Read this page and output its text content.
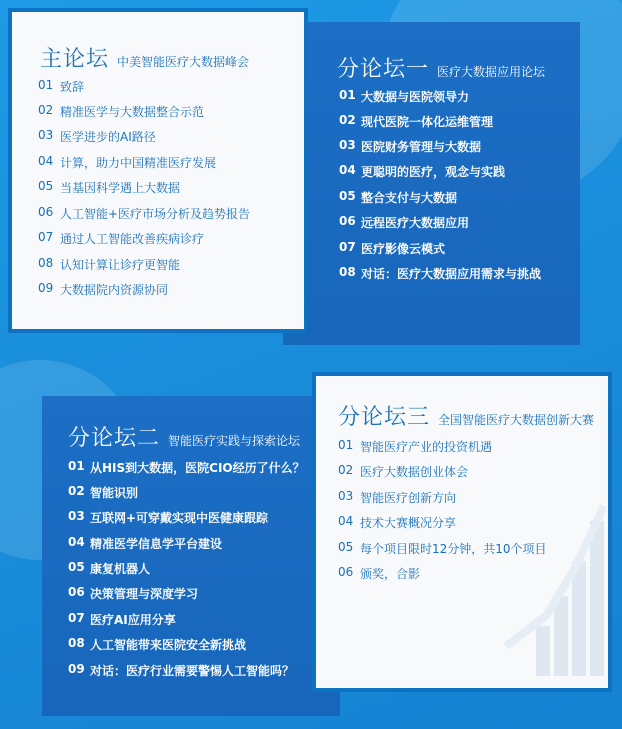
主论坛 中美智能医疗大数据峰会
01 致辞
02 精准医学与大数据整合示范
03 医学进步的AI路径
04 计算，助力中国精准医疗发展
05 当基因科学遇上大数据
06 人工智能+医疗市场分析及趋势报告
07 通过人工智能改善疾病诊疗
08 认知计算让诊疗更智能
09 大数据院内资源协同
分论坛一 医疗大数据应用论坛
01 大数据与医院领导力
02 现代医院一体化运维管理
03 医院财务管理与大数据
04 更聪明的医疗，观念与实践
05 整合支付与大数据
06 远程医疗大数据应用
07 医疗影像云模式
08 对话：医疗大数据应用需求与挑战
分论坛二 智能医疗实践与探索论坛
01 从HIS到大数据，医院CIO经历了什么？
02 智能识别
03 互联网+可穿戴实现中医健康跟踪
04 精准医学信息学平台建设
05 康复机器人
06 决策管理与深度学习
07 医疗AI应用分享
08 人工智能带来医院安全新挑战
09 对话：医疗行业需要警惕人工智能吗？
分论坛三 全国智能医疗大数据创新大赛
01 智能医疗产业的投资机遇
02 医疗大数据创业体会
03 智能医疗创新方向
04 技术大赛概况分享
05 每个项目限时12分钟，共10个项目
06 颁奖，合影
